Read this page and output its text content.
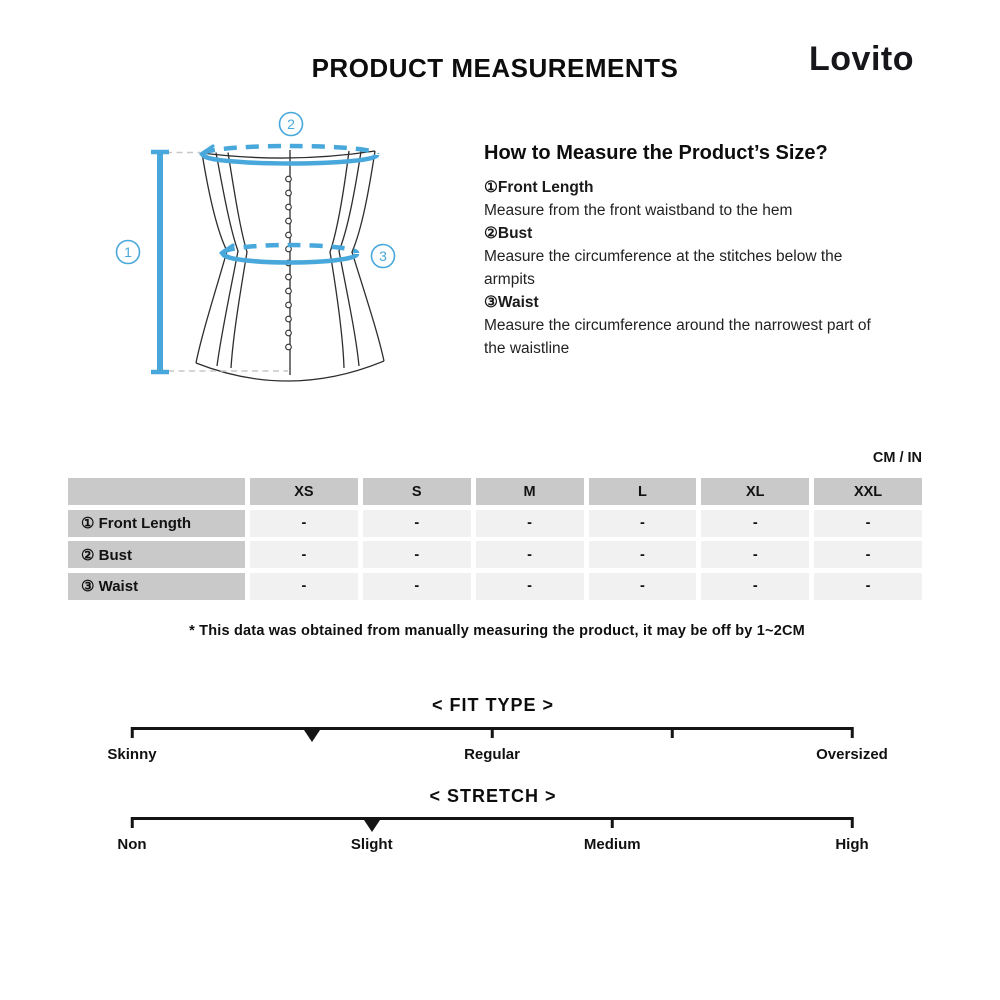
PRODUCT MEASUREMENTS	Lovito
1
2
3
How to Measure the Product’s Size?
①Front Length
Measure from the front waistband to the hem
②Bust
Measure the circumference at the stitches below the armpits
③Waist
Measure the circumference around the narrowest part of the waistline
CM / IN
XS	S	M	L	XL	XXL
① Front Length	-	-	-	-	-	-
② Bust	-	-	-	-	-	-
③ Waist	-	-	-	-	-	-
* This data was obtained from manually measuring the product, it may be off by 1~2CM
< FIT TYPE >
Skinny	Regular	Oversized
< STRETCH >
Non	Slight	Medium	High
